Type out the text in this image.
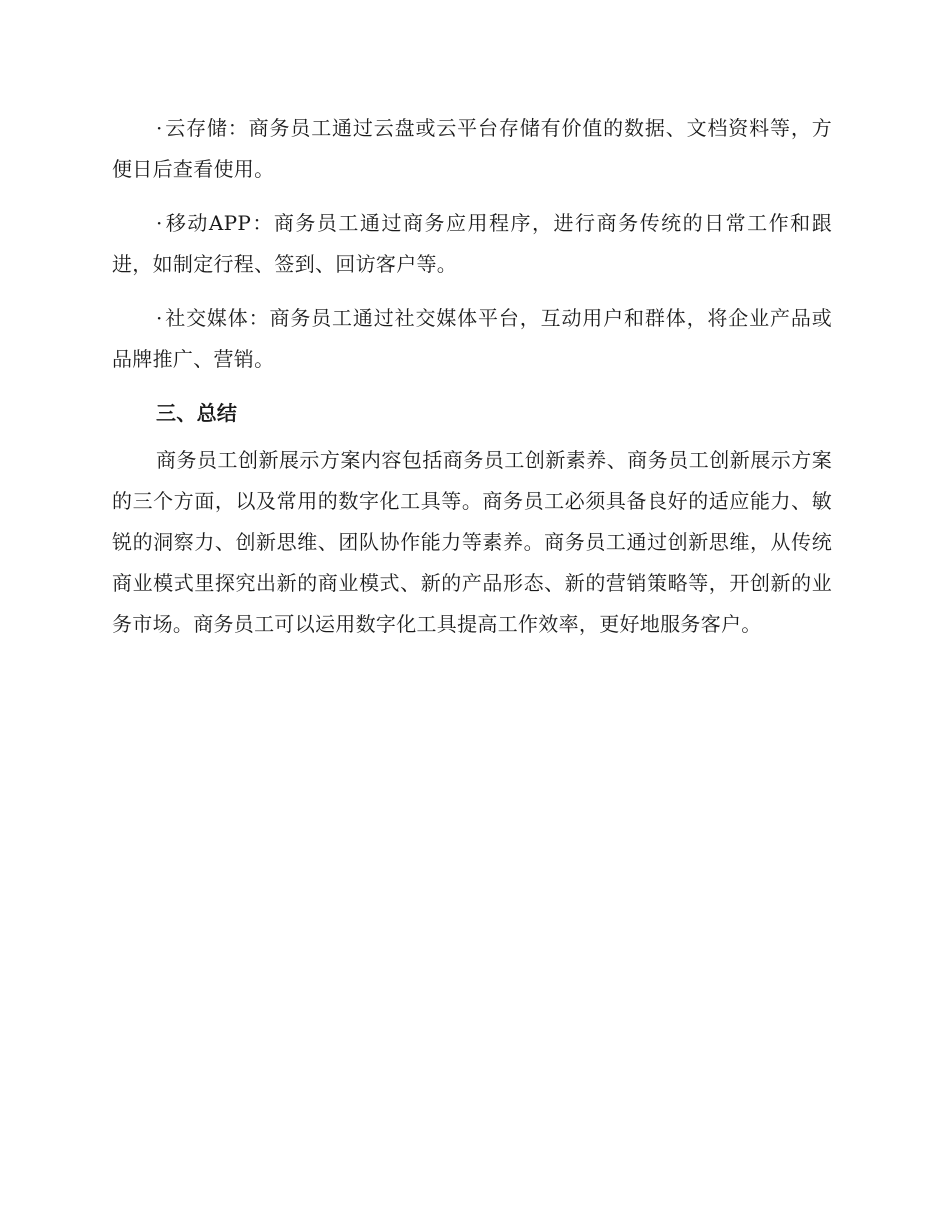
· 云存储：商务员工通过云盘或云平台存储有价值的数据、文档资料等，方便日后查看使用。

· 移动APP：商务员工通过商务应用程序，进行商务传统的日常工作和跟进，如制定行程、签到、回访客户等。

· 社交媒体：商务员工通过社交媒体平台，互动用户和群体，将企业产品或品牌推广、营销。

三、总结

商务员工创新展示方案内容包括商务员工创新素养、商务员工创新展示方案的三个方面，以及常用的数字化工具等。商务员工必须具备良好的适应能力、敏锐的洞察力、创新思维、团队协作能力等素养。商务员工通过创新思维，从传统商业模式里探究出新的商业模式、新的产品形态、新的营销策略等，开创新的业务市场。商务员工可以运用数字化工具提高工作效率，更好地服务客户。
